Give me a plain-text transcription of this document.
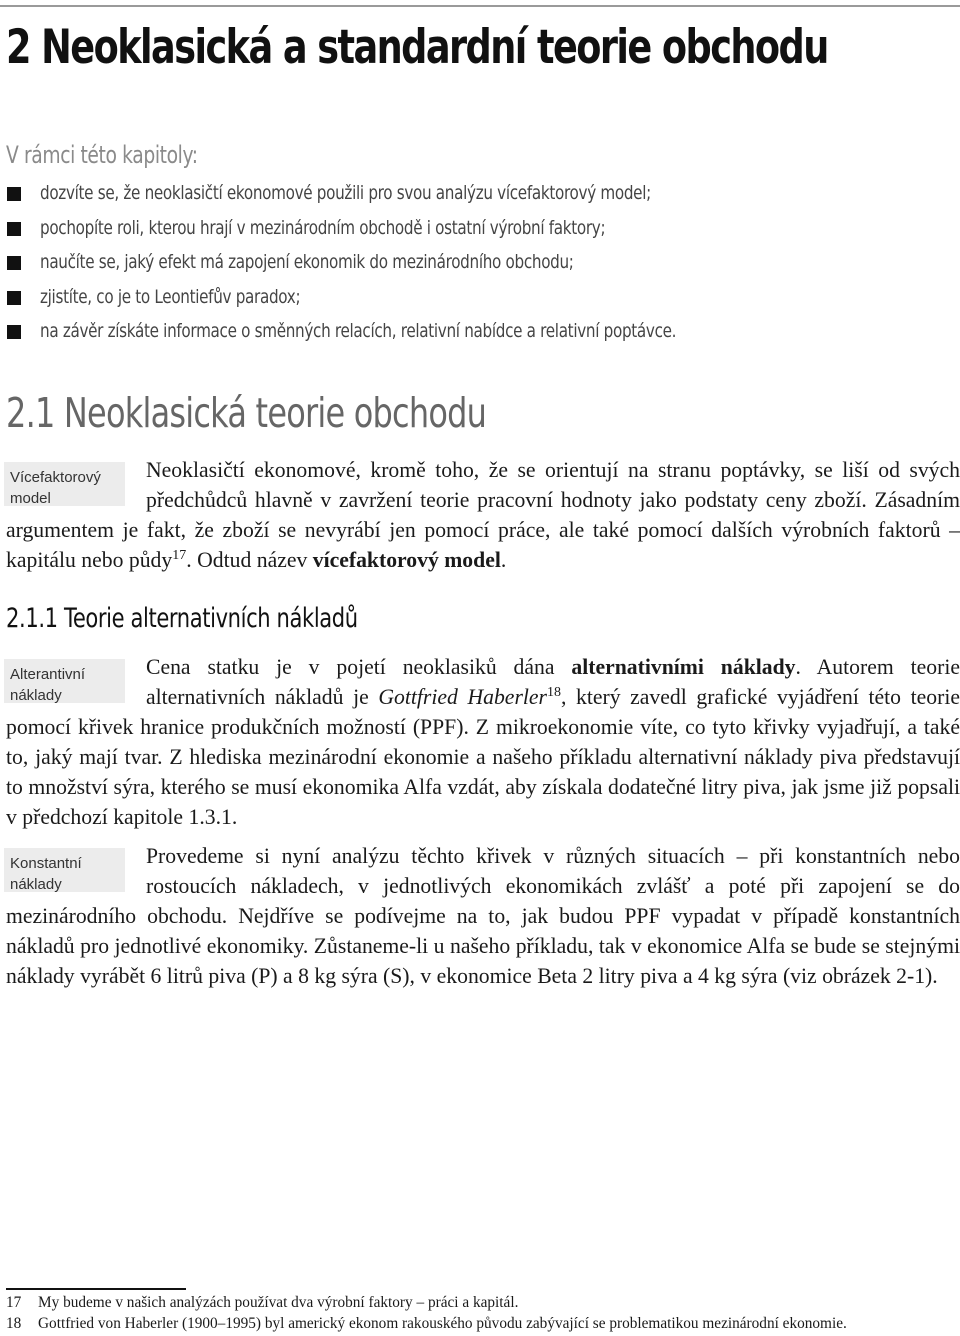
2 Neoklasická a standardní teorie obchodu
V rámci této kapitoly:
dozvíte se, že neoklasičtí ekonomové použili pro svou analýzu vícefaktorový model;
pochopíte roli, kterou hrají v mezinárodním obchodě i ostatní výrobní faktory;
naučíte se, jaký efekt má zapojení ekonomik do mezinárodního obchodu;
zjistíte, co je to Leontiefův paradox;
na závěr získáte informace o směnných relacích, relativní nabídce a relativní poptávce.
2.1 Neoklasická teorie obchodu
Vícefaktorový
model

Neoklasičtí ekonomové, kromě toho, že se orientují na stranu poptávky, se liší od svých předchůdců hlavně v zavržení teorie pracovní hodnoty jako podstaty ceny zboží. Zásadním argumentem je fakt, že zboží se nevyrábí jen pomocí práce, ale také pomocí dalších výrobních faktorů – kapitálu nebo půdy$^{17}$. Odtud název vícefaktorový model.

2.1.1 Teorie alternativních nákladů
Alterantivní
náklady

Cena statku je v pojetí neoklasiků dána alternativními náklady. Autorem teorie alternativních nákladů je Gottfried Haberler$^{18}$, který zavedl grafické vyjádření této teorie pomocí křivek hranice produkčních možností (PPF). Z mikroekonomie víte, co tyto křivky vyjadřují, a také to, jaký mají tvar. Z hlediska mezinárodní ekonomie a našeho příkladu alternativní náklady piva představují to množství sýra, kterého se musí ekonomika Alfa vzdát, aby získala dodatečné litry piva, jak jsme již popsali v předchozí kapitole 1.3.1.

Konstantní
náklady

Provedeme si nyní analýzu těchto křivek v různých situacích – při konstantních nebo rostoucích nákladech, v jednotlivých ekonomikách zvlášť a poté při zapojení se do mezinárodního obchodu. Nejdříve se podívejme na to, jak budou PPF vypadat v případě konstantních nákladů pro jednotlivé ekonomiky. Zůstaneme-li u našeho příkladu, tak v ekonomice Alfa se bude se stejnými náklady vyrábět 6 litrů piva (P) a 8 kg sýra (S), v ekonomice Beta 2 litry piva a 4 kg sýra (viz obrázek 2-1).

17 My budeme v našich analýzách používat dva výrobní faktory – práci a kapitál.
18 Gottfried von Haberler (1900–1995) byl americký ekonom rakouského původu zabývající se problematikou mezinárodní ekonomie.
